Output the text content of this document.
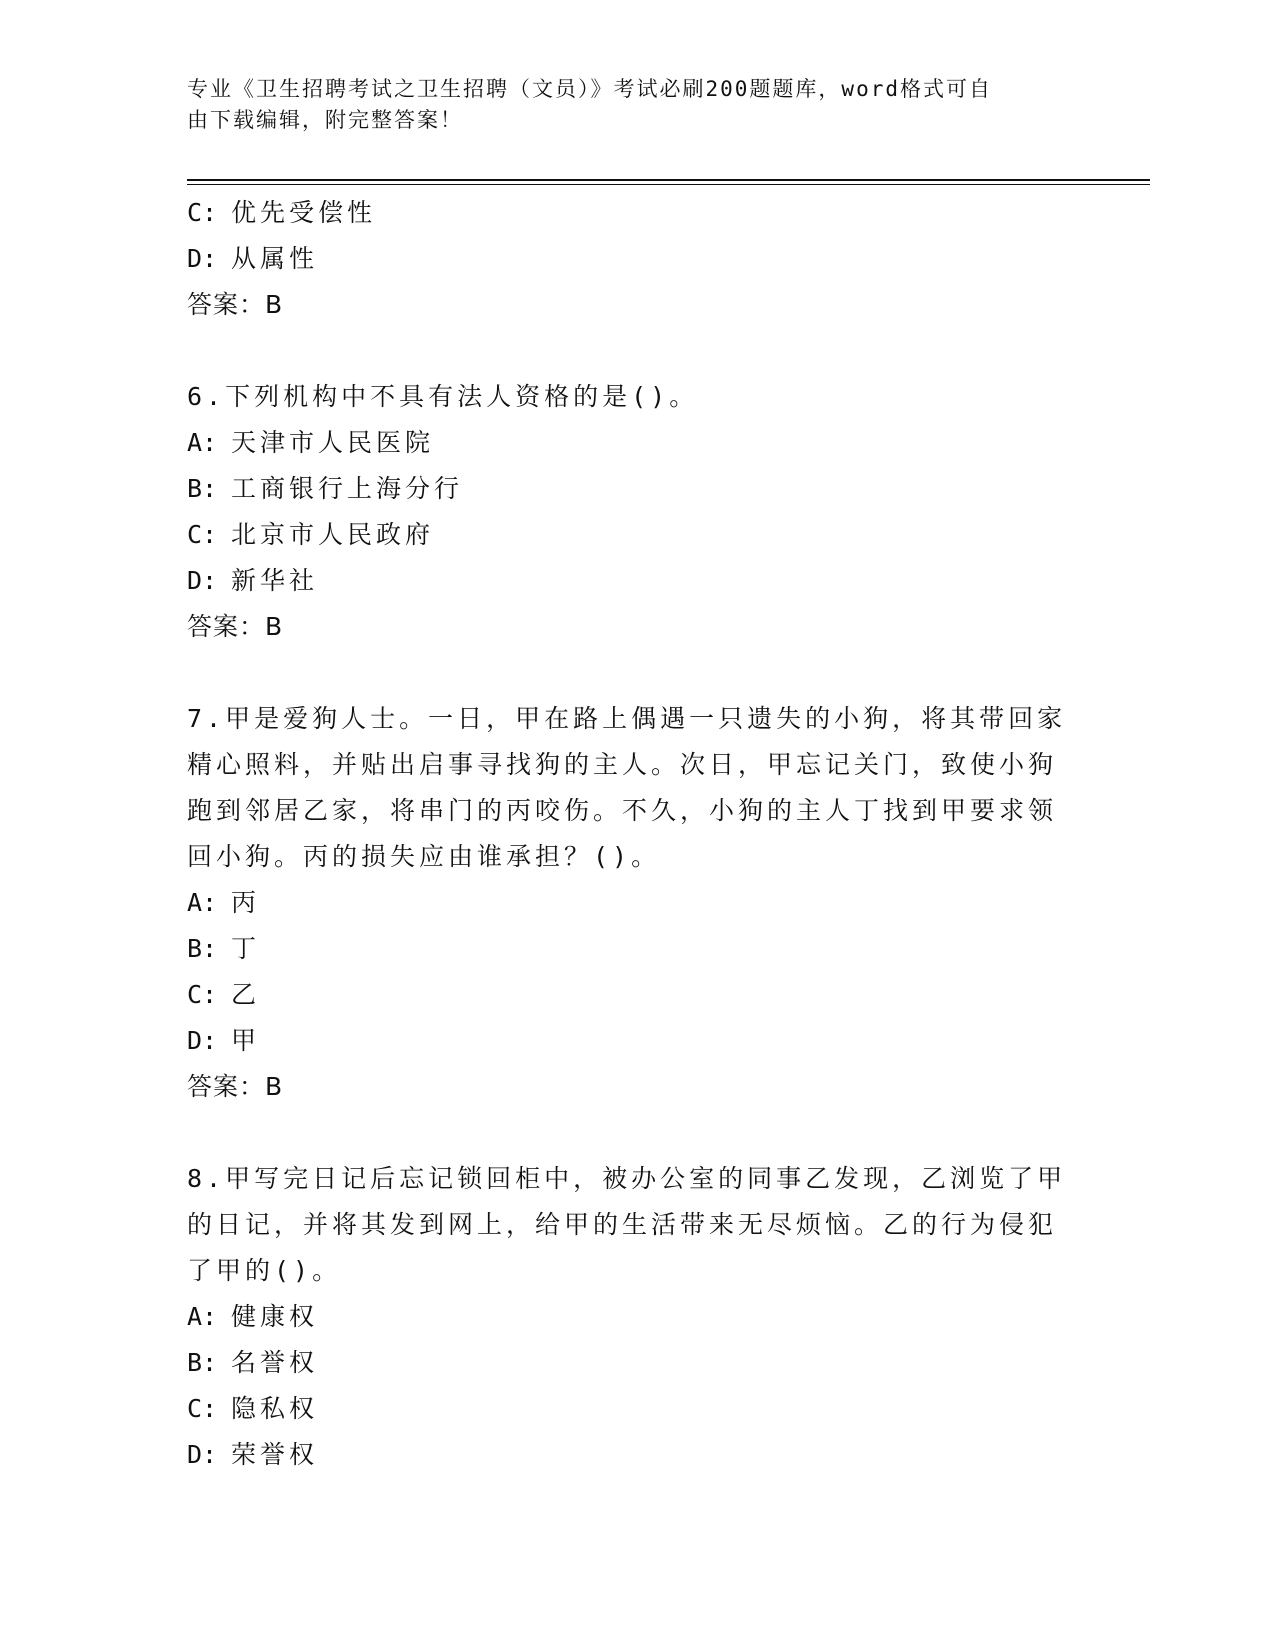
专业《卫生招聘考试之卫生招聘（文员）》考试必刷200题题库，word格式可自
由下载编辑，附完整答案！
C: 优先受偿性
D: 从属性
答案：B
6.下列机构中不具有法人资格的是()。
A: 天津市人民医院
B: 工商银行上海分行
C: 北京市人民政府
D: 新华社
答案：B
7.甲是爱狗人士。一日，甲在路上偶遇一只遗失的小狗，将其带回家
精心照料，并贴出启事寻找狗的主人。次日，甲忘记关门，致使小狗
跑到邻居乙家，将串门的丙咬伤。不久，小狗的主人丁找到甲要求领
回小狗。丙的损失应由谁承担？()。
A: 丙
B: 丁
C: 乙
D: 甲
答案：B
8.甲写完日记后忘记锁回柜中，被办公室的同事乙发现，乙浏览了甲
的日记，并将其发到网上，给甲的生活带来无尽烦恼。乙的行为侵犯
了甲的()。
A: 健康权
B: 名誉权
C: 隐私权
D: 荣誉权
